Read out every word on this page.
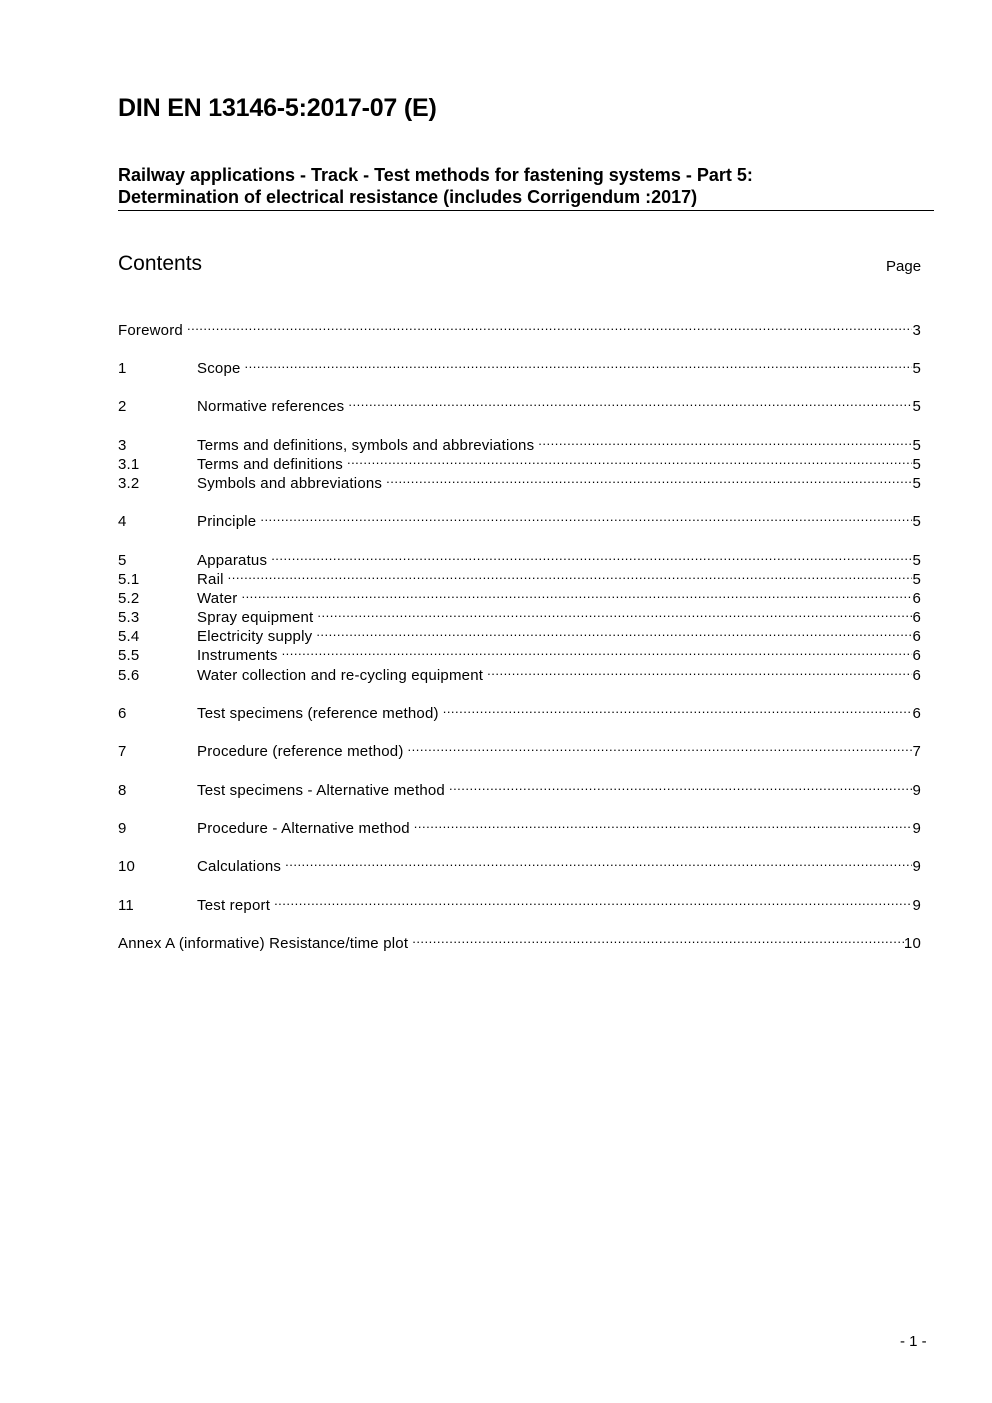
DIN EN 13146-5:2017-07 (E)
Railway applications - Track - Test methods for fastening systems - Part 5:
Determination of electrical resistance (includes Corrigendum :2017)
Contents	Page
Foreword .....	3
1	Scope .....	5
2	Normative references .....	5
3	Terms and definitions, symbols and abbreviations .....	5
3.1	Terms and definitions .....	5
3.2	Symbols and abbreviations .....	5
4	Principle .....	5
5	Apparatus .....	5
5.1	Rail .....	5
5.2	Water .....	6
5.3	Spray equipment .....	6
5.4	Electricity supply .....	6
5.5	Instruments .....	6
5.6	Water collection and re-cycling equipment .....	6
6	Test specimens (reference method) .....	6
7	Procedure (reference method) .....	7
8	Test specimens - Alternative method .....	9
9	Procedure - Alternative method .....	9
10	Calculations .....	9
11	Test report .....	9
Annex A (informative) Resistance/time plot .....	10
- 1 -
